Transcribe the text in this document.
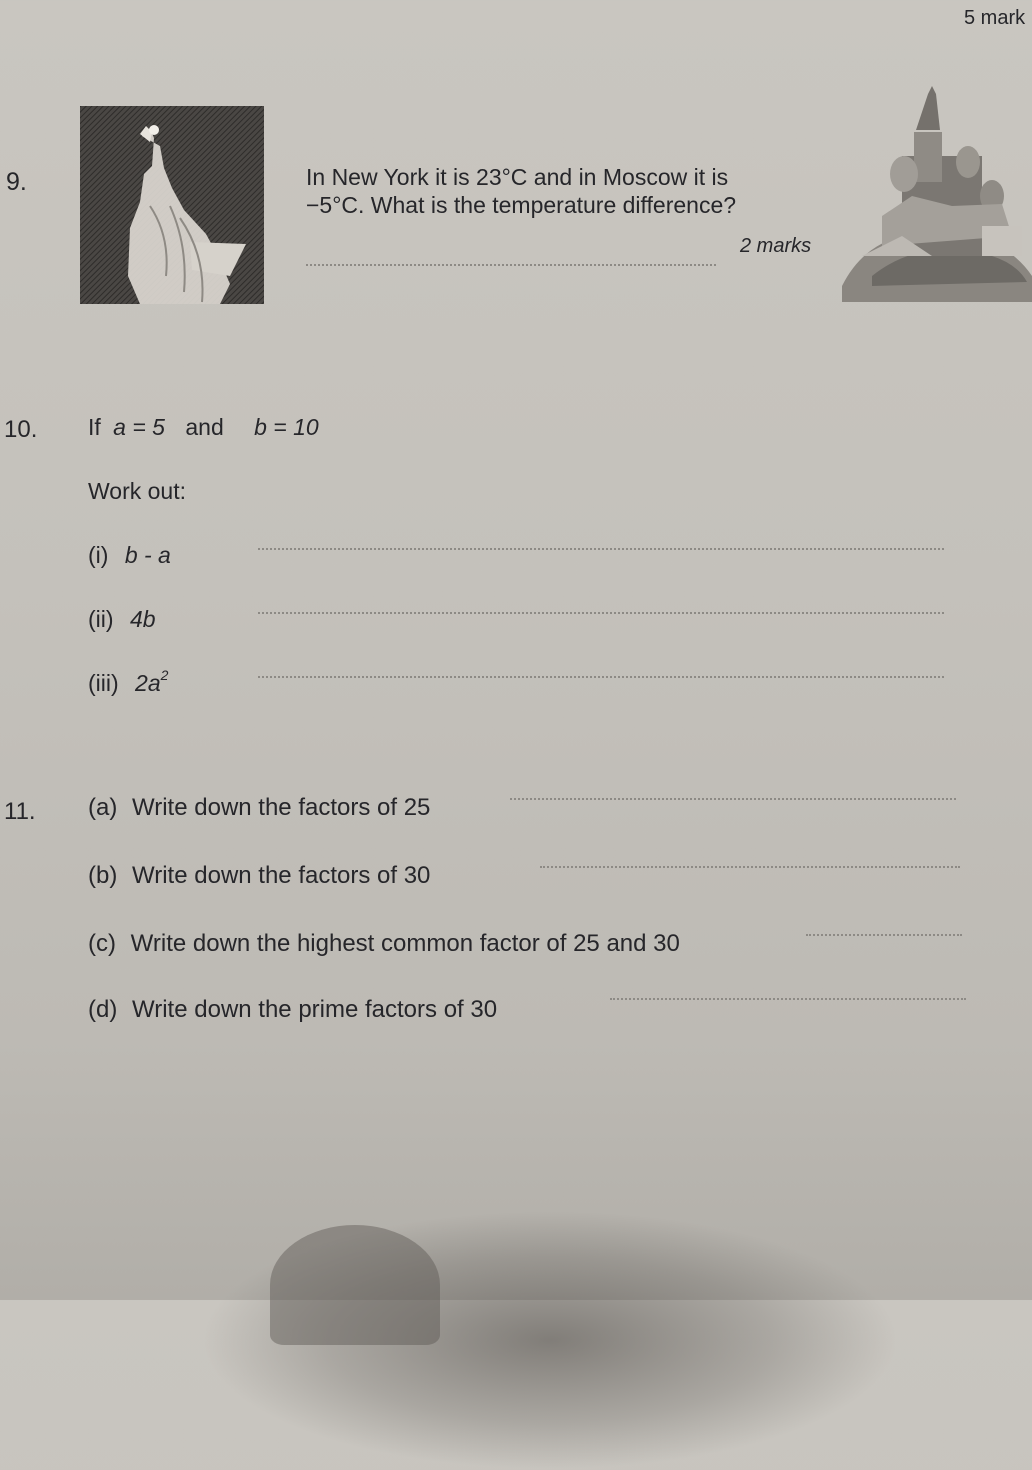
5 mark
9.	In New York it is 23°C and in Moscow it is
−5°C. What is the temperature difference?
2 marks
10. If a = 5 and b = 10
Work out:
(i) b - a
(ii) 4b
(iii) $2a^2$
11. (a) Write down the factors of 25
(b) Write down the factors of 30
(c) Write down the highest common factor of 25 and 30
(d) Write down the prime factors of 30
